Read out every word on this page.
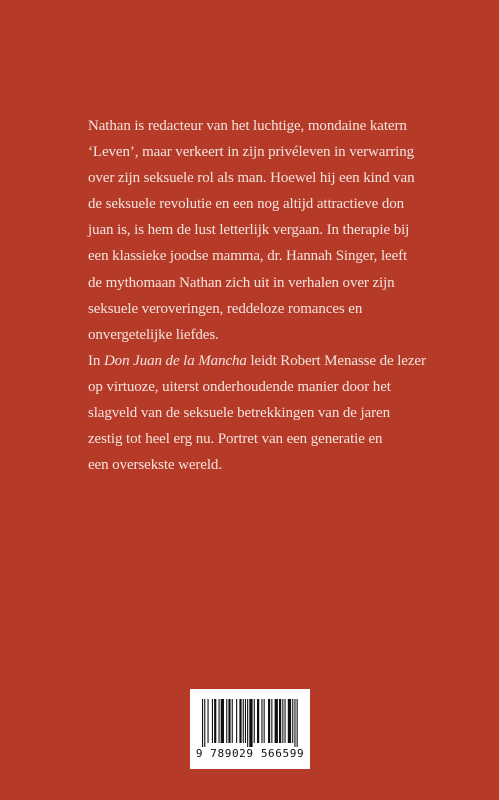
Nathan is redacteur van het luchtige, mondaine katern
‘Leven’, maar verkeert in zijn privéleven in verwarring
over zijn seksuele rol als man. Hoewel hij een kind van
de seksuele revolutie en een nog altijd attractieve don
juan is, is hem de lust letterlijk vergaan. In therapie bij
een klassieke joodse mamma, dr. Hannah Singer, leeft
de mythomaan Nathan zich uit in verhalen over zijn
seksuele veroveringen, reddeloze romances en
onvergetelijke liefdes.

In Don Juan de la Mancha leidt Robert Menasse de lezer
op virtuoze, uiterst onderhoudende manier door het
slagveld van de seksuele betrekkingen van de jaren
zestig tot heel erg nu. Portret van een generatie en
een oversekste wereld.

9 789029 566599
